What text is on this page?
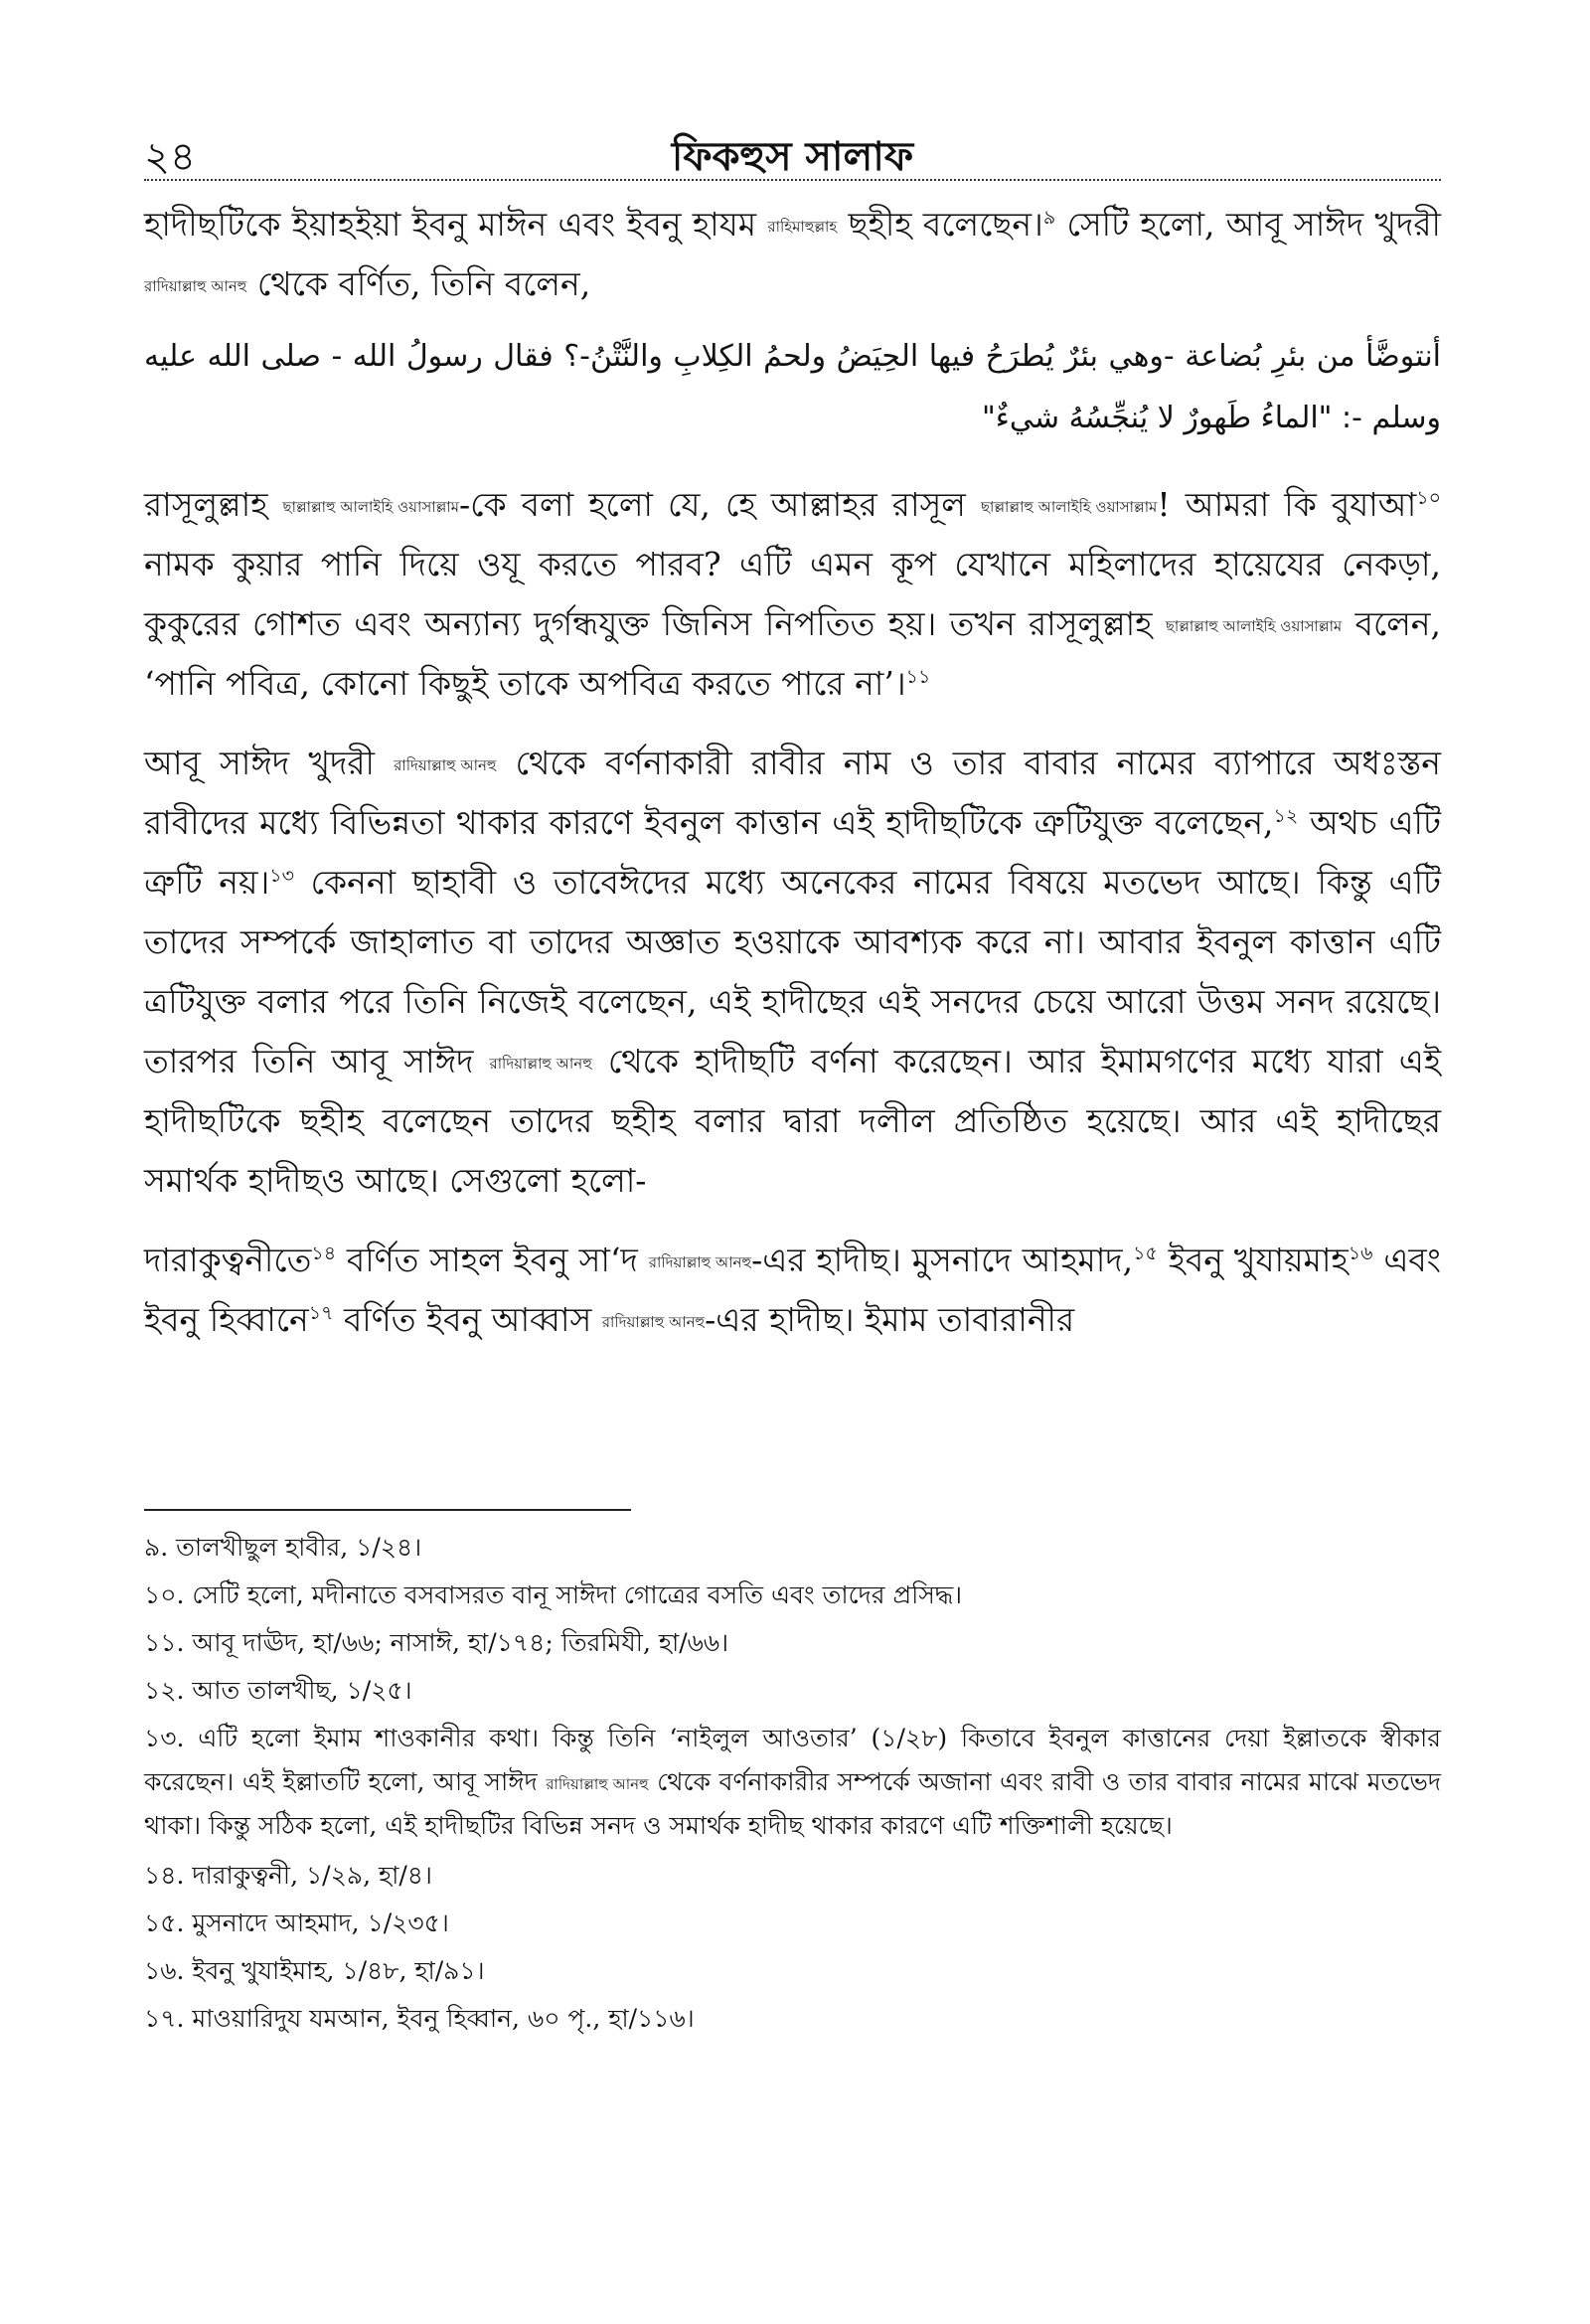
২৪	ফিকহুস সালাফ

হাদীছটিকে ইয়াহইয়া ইবনু মাঈন এবং ইবনু হাযম রাহিমাহুল্লাহ ছহীহ বলেছেন।$^৯$ সেটি হলো, আবূ সাঈদ খুদরী রাদিয়াল্লাহু আনহু থেকে বর্ণিত, তিনি বলেন,

أنتوضَّأ من بئرِ بُضاعة -وهي بئرٌ يُطرَحُ فيها الحِيَضُ ولحمُ الكِلابِ والنَّتْنُ-؟ فقال رسولُ الله - صلى الله عليه وسلم -: "الماءُ طَهورٌ لا يُنجِّسُهُ شيءٌ"

রাসূলুল্লাহ ছাল্লাল্লাহু আলাইহি ওয়াসাল্লাম-কে বলা হলো যে, হে আল্লাহর রাসূল ছাল্লাল্লাহু আলাইহি ওয়াসাল্লাম! আমরা কি বুযাআ$^{১০}$ নামক কুয়ার পানি দিয়ে ওযূ করতে পারব? এটি এমন কূপ যেখানে মহিলাদের হায়েযের নেকড়া, কুকুরের গোশত এবং অন্যান্য দুর্গন্ধযুক্ত জিনিস নিপতিত হয়। তখন রাসূলুল্লাহ ছাল্লাল্লাহু আলাইহি ওয়াসাল্লাম বলেন, ‘পানি পবিত্র, কোনো কিছুই তাকে অপবিত্র করতে পারে না’।$^{১১}$

আবূ সাঈদ খুদরী রাদিয়াল্লাহু আনহু থেকে বর্ণনাকারী রাবীর নাম ও তার বাবার নামের ব্যাপারে অধঃস্তন রাবীদের মধ্যে বিভিন্নতা থাকার কারণে ইবনুল কাত্তান এই হাদীছটিকে ত্রুটিযুক্ত বলেছেন,$^{১২}$ অথচ এটি ত্রুটি নয়।$^{১৩}$ কেননা ছাহাবী ও তাবেঈদের মধ্যে অনেকের নামের বিষয়ে মতভেদ আছে। কিন্তু এটি তাদের সম্পর্কে জাহালাত বা তাদের অজ্ঞাত হওয়াকে আবশ্যক করে না। আবার ইবনুল কাত্তান এটি ত্রটিযুক্ত বলার পরে তিনি নিজেই বলেছেন, এই হাদীছের এই সনদের চেয়ে আরো উত্তম সনদ রয়েছে। তারপর তিনি আবূ সাঈদ রাদিয়াল্লাহু আনহু থেকে হাদীছটি বর্ণনা করেছেন। আর ইমামগণের মধ্যে যারা এই হাদীছটিকে ছহীহ বলেছেন তাদের ছহীহ বলার দ্বারা দলীল প্রতিষ্ঠিত হয়েছে। আর এই হাদীছের সমার্থক হাদীছও আছে। সেগুলো হলো-

দারাকুত্বনীতে$^{১৪}$ বর্ণিত সাহল ইবনু সা‘দ রাদিয়াল্লাহু আনহু-এর হাদীছ। মুসনাদে আহমাদ,$^{১৫}$ ইবনু খুযায়মাহ$^{১৬}$ এবং ইবনু হিব্বানে$^{১৭}$ বর্ণিত ইবনু আব্বাস রাদিয়াল্লাহু আনহু-এর হাদীছ। ইমাম তাবারানীর

৯. তালখীছুল হাবীর, ১/২৪।

১০. সেটি হলো, মদীনাতে বসবাসরত বানূ সাঈদা গোত্রের বসতি এবং তাদের প্রসিদ্ধ।

১১. আবূ দাঊদ, হা/৬৬; নাসাঈ, হা/১৭৪; তিরমিযী, হা/৬৬।

১২. আত তালখীছ, ১/২৫।

১৩. এটি হলো ইমাম শাওকানীর কথা। কিন্তু তিনি ‘নাইলুল আওতার’ (১/২৮) কিতাবে ইবনুল কাত্তানের দেয়া ইল্লাতকে স্বীকার করেছেন। এই ইল্লাতটি হলো, আবূ সাঈদ রাদিয়াল্লাহু আনহু থেকে বর্ণনাকারীর সম্পর্কে অজানা এবং রাবী ও তার বাবার নামের মাঝে মতভেদ থাকা। কিন্তু সঠিক হলো, এই হাদীছটির বিভিন্ন সনদ ও সমার্থক হাদীছ থাকার কারণে এটি শক্তিশালী হয়েছে।

১৪. দারাকুত্বনী, ১/২৯, হা/৪।

১৫. মুসনাদে আহমাদ, ১/২৩৫।

১৬. ইবনু খুযাইমাহ, ১/৪৮, হা/৯১।

১৭. মাওয়ারিদুয যমআন, ইবনু হিব্বান, ৬০ পৃ., হা/১১৬।
